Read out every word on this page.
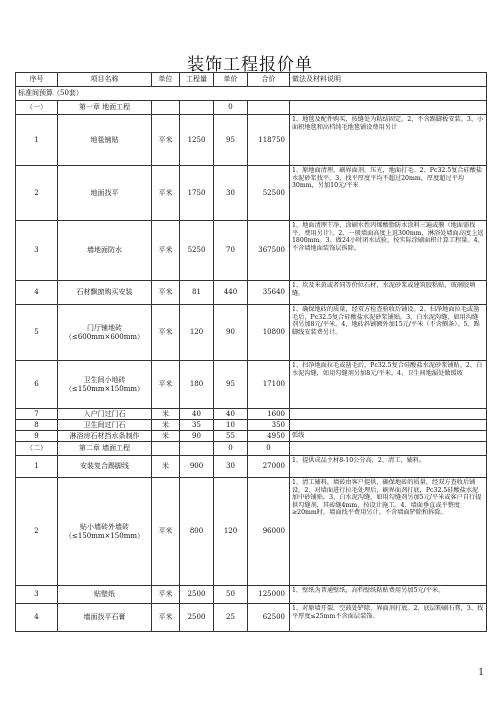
装饰工程报价单
序号	项目名称	单位	工程量	单价	合价	做法及材料说明
标准间预算（50套）						
（一）	第一章 地面工程			0		
1	地毯铺贴	平米	1250	95	118750	1、地毯及配件购买，按缝处为粘结固定。2、不含踢脚板安装。3、小面积地毯和高档纯毛地毯铺设费用另计
2	地面找平	平米	1750	30	52500	1、原地面清理，刷界面剂，压光，地面打毛。2、Pc32.5复合硅酸盐水泥砂浆找平。3、找平厚度平均不超过20mm，厚度超过平均30mm，另加10元/平米
3	墙地面防水	平米	5250	70	367500	1、地面清理干净，涂刷水性丙烯酸脂防水涂料三遍或膜（地面需找平，费用另计）。2、一般墙面高度上返300mm，淋浴处墙面高度上返1800mm。3、做24小时闭水试验，按实际涂刷面积计算工程量。4、不含墙地面装饰层拆除。
4	石材飘窗购买安装	平米	81	440	35640	1、坎及米黄或者同等价位石材，水泥砂浆或建筑胶粘贴，玻璃胶填缝。
5	门厅铺地砖
（≤600mm×600mm）	平米	120	90	10800	1、确保地砖的质量，经双方检查验收后铺设。2、扫净地面拉毛或凿毛后，Pc32.5复合硅酸盐水泥砂浆铺贴。3、白水泥沟缝，如用沟缝剂另加8元/平米。4、地砖斜铺额外加15元/平米（不含侧条）。5、踢脚线安装费另计。
6	卫生间小地砖
（≤150mm×150mm）	平米	180	95	17100	1、扫净地面拉毛或凿毛后，Pc32.5复合硅酸盐水泥砂浆铺贴。2、白水泥沟缝，如用勾缝剂另加8元/平米。4、卫生间地漏处做缓坡
7	入户门过门石	米	40	40	1600	
8	卫生间过门石	米	35	10	350	
9	淋浴房石材挡水条制作	米	90	55	4950	弧线
（二）	第二章 墙面工程			0	0	
1	安装复合踢脚线	米	900	30	27000	1、提供成品主材8-10公分高，2、清工，辅料。
2	贴小墙砖外墙砖
（≤150mm×150mm）	平米	800	120	96000	1、清工辅料，墙砖由客户提供，确保地砖的质量，经双方查收后铺设。2、对墙面进行拉毛处理后，刷界面剂打底，Pc32.5硅酸盐水泥加中砂铺贴。3、白水泥沟缝，如用勾缝剂另加5元/平米或客户自行提供勾缝剂，其砖缝4mm，按设计施工。4、墙面垂直或平整度≥20mm时，墙面找平费用另计。不含墙面铲除和拆除。
3	贴壁纸	平米	2500	50	125000	1、壁纸为普通壁纸，高档壁纸粘贴费用另加5元/平米。
4	墙面找平石膏	平米	2500	25	62500	1、对原墙开裂，空鼓处铲除，界面剂打底。2、底层粉刷石膏，3、找平厚度≤25mm不含面层装饰。
1
